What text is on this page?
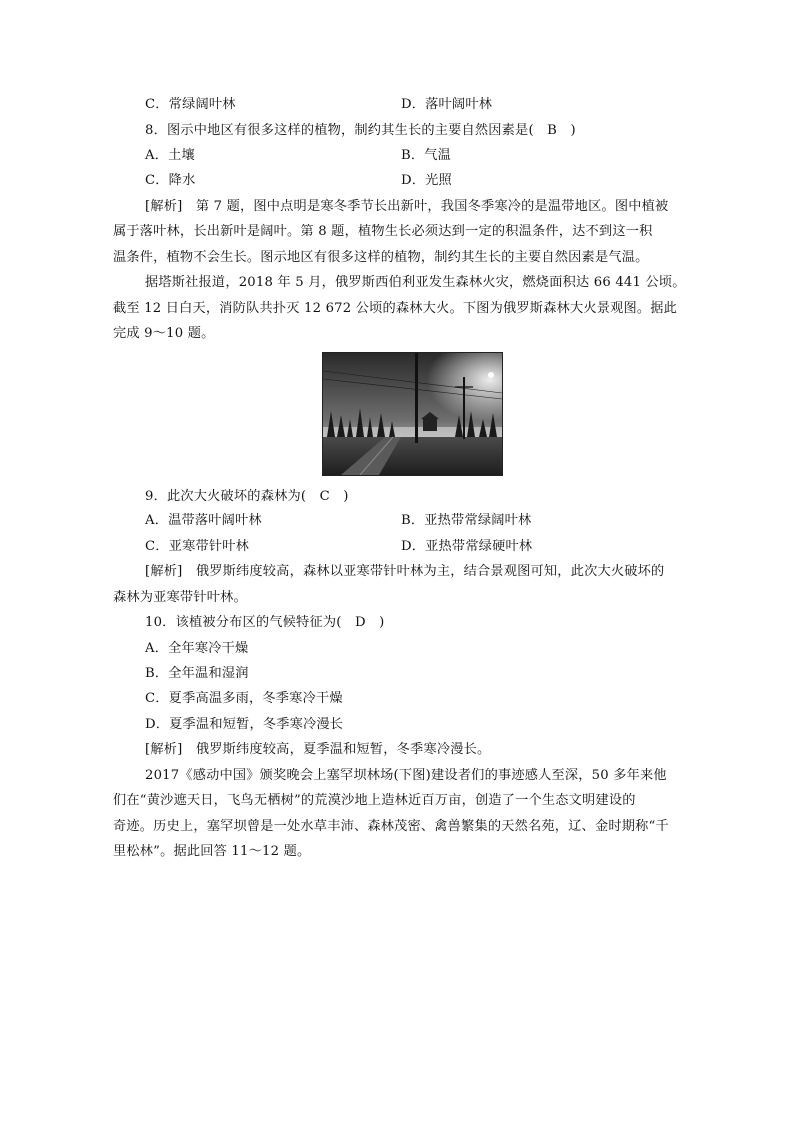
C．常绿阔叶林	D．落叶阔叶林
8．图示中地区有很多这样的植物，制约其生长的主要自然因素是(　B　)
A．土壤	B．气温
C．降水	D．光照
[解析]　第 7 题，图中点明是寒冬季节长出新叶，我国冬季寒冷的是温带地区。图中植被
属于落叶林，长出新叶是阔叶。第 8 题，植物生长必须达到一定的积温条件，达不到这一积
温条件，植物不会生长。图示地区有很多这样的植物，制约其生长的主要自然因素是气温。
据塔斯社报道，2018 年 5 月，俄罗斯西伯利亚发生森林火灾，燃烧面积达 66 441 公顷。
截至 12 日白天，消防队共扑灭 12 672 公顷的森林大火。下图为俄罗斯森林大火景观图。据此
完成 9～10 题。
9．此次大火破坏的森林为(　C　)
A．温带落叶阔叶林	B．亚热带常绿阔叶林
C．亚寒带针叶林	D．亚热带常绿硬叶林
[解析]　俄罗斯纬度较高，森林以亚寒带针叶林为主，结合景观图可知，此次大火破坏的
森林为亚寒带针叶林。
10．该植被分布区的气候特征为(　D　)
A．全年寒冷干燥
B．全年温和湿润
C．夏季高温多雨，冬季寒冷干燥
D．夏季温和短暂，冬季寒冷漫长
[解析]　俄罗斯纬度较高，夏季温和短暂，冬季寒冷漫长。
2017《感动中国》颁奖晚会上塞罕坝林场(下图)建设者们的事迹感人至深，50 多年来他
们在“黄沙遮天日，飞鸟无栖树”的荒漠沙地上造林近百万亩，创造了一个生态文明建设的
奇迹。历史上，塞罕坝曾是一处水草丰沛、森林茂密、禽兽繁集的天然名苑，辽、金时期称“千
里松林”。据此回答 11～12 题。
